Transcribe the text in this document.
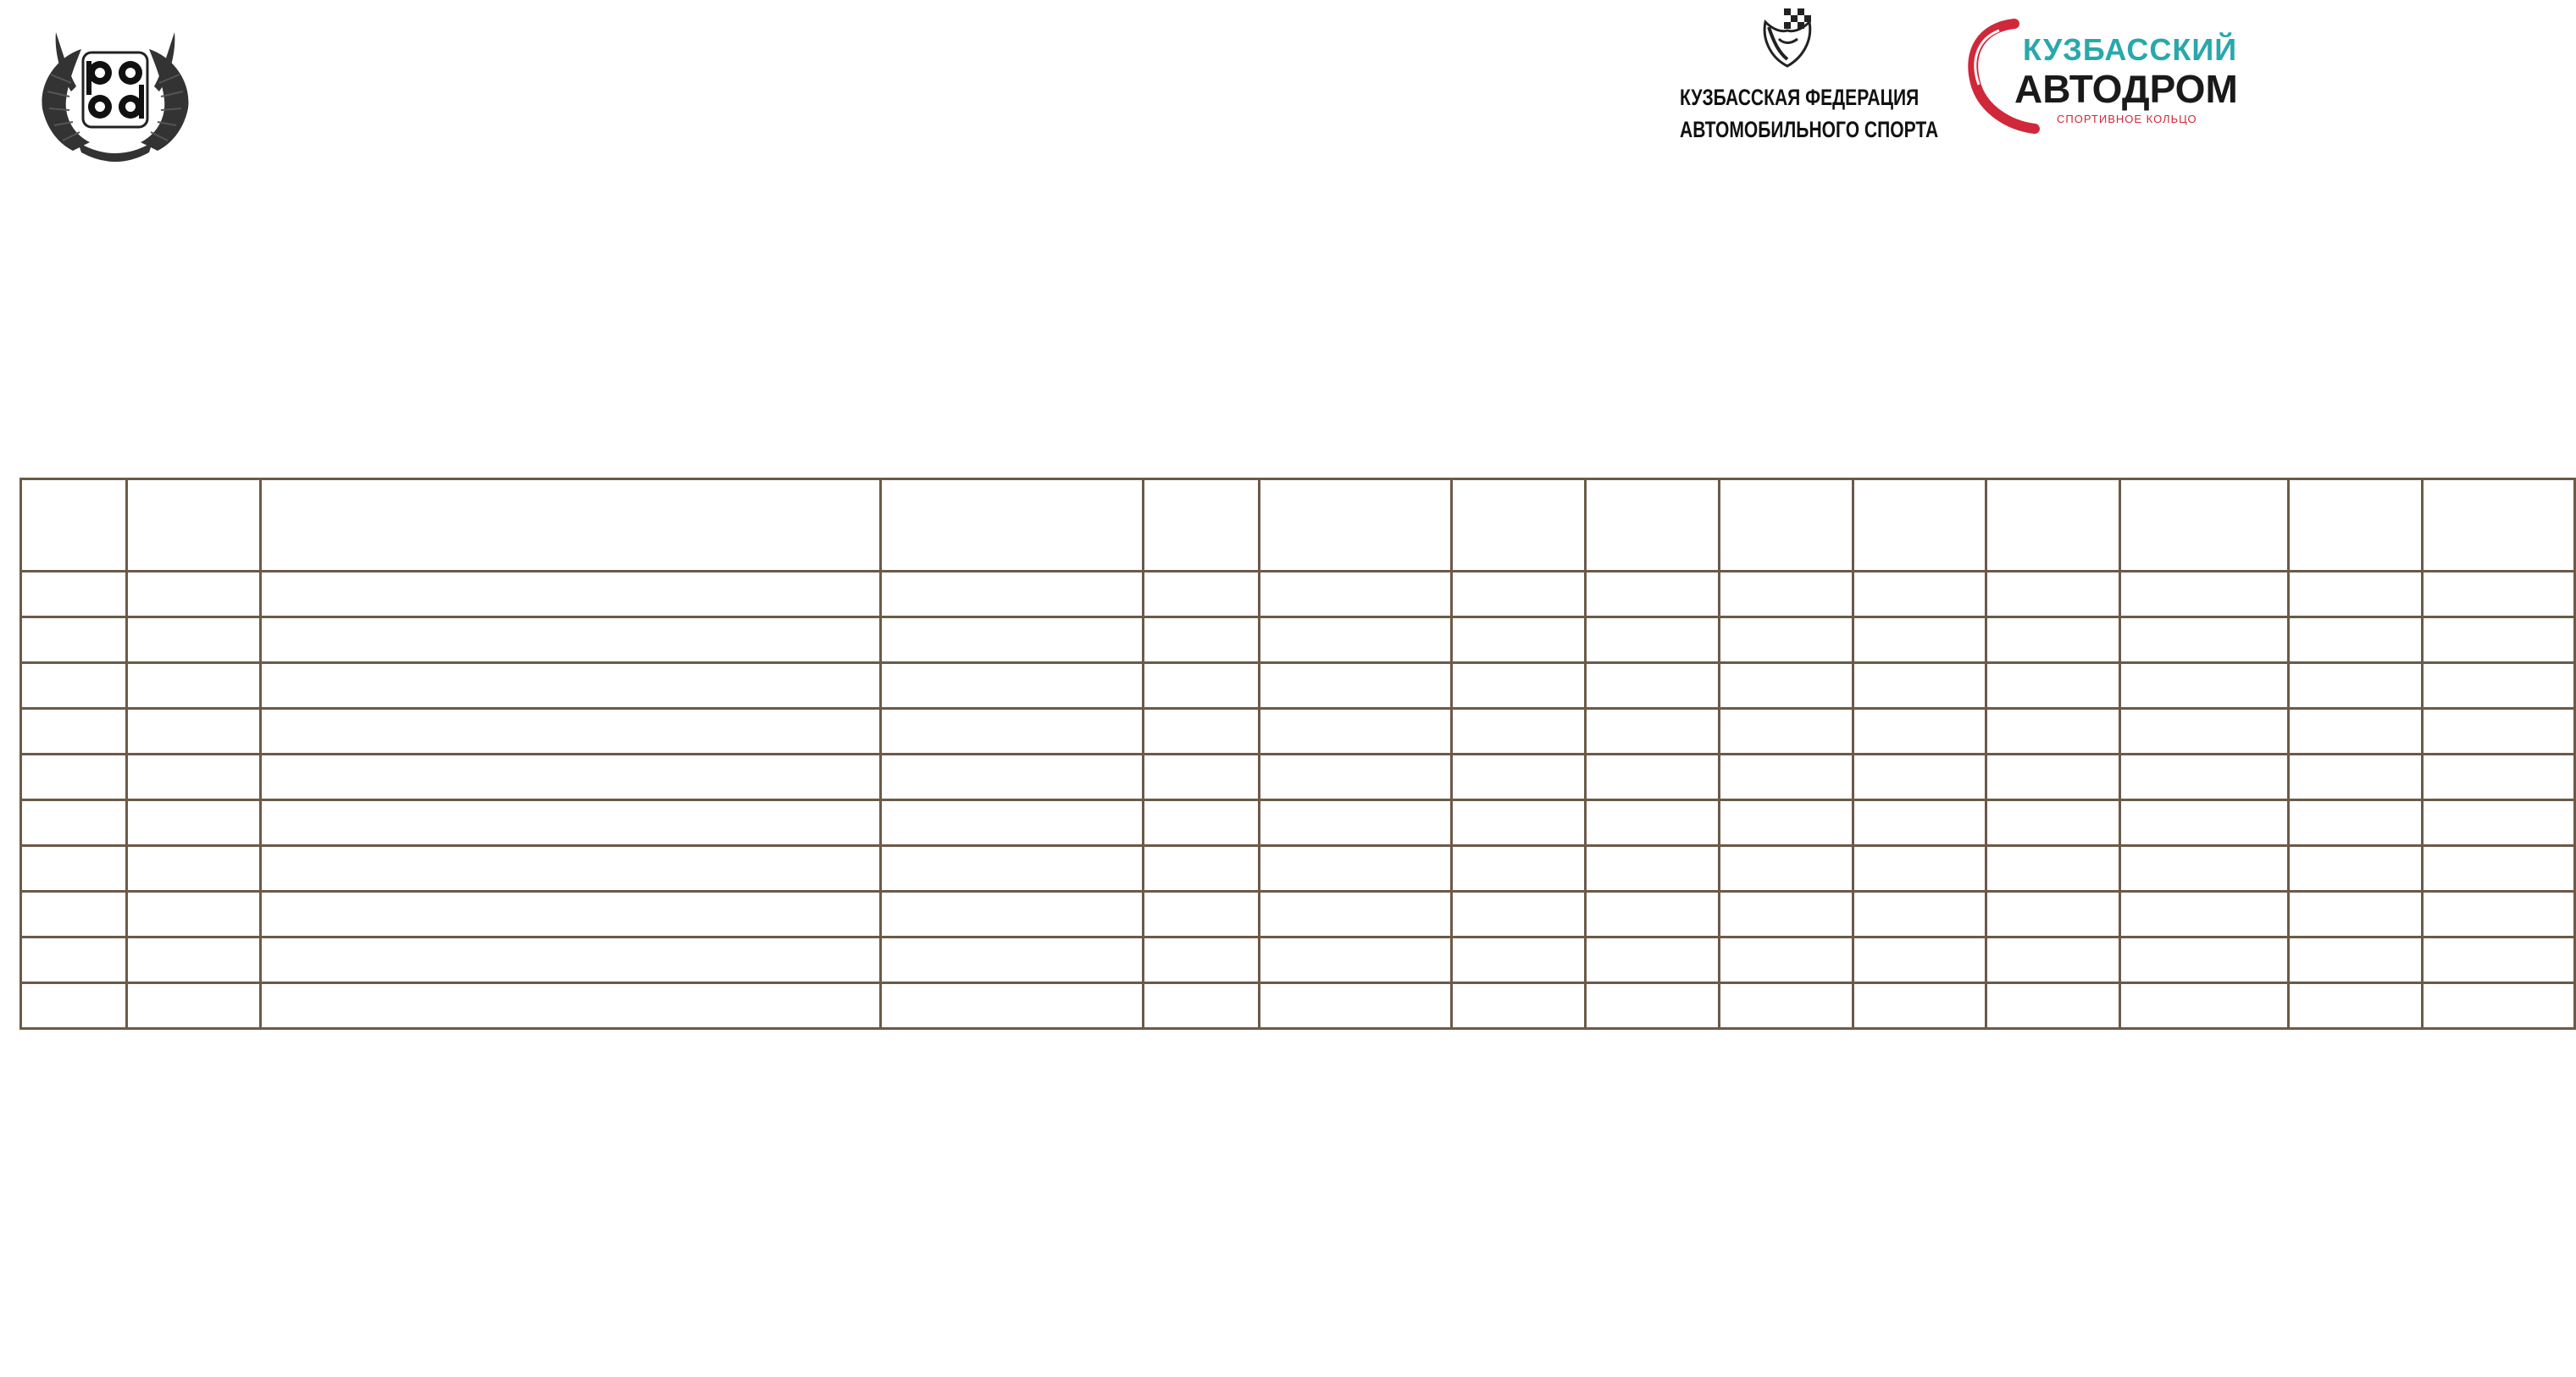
КУЗБАССКАЯ ФЕДЕРАЦИЯ
АВТОМОБИЛЬНОГО СПОРТА
КУЗБАССКИЙ
АВТОДРОМ
СПОРТИВНОЕ КОЛЬЦО
